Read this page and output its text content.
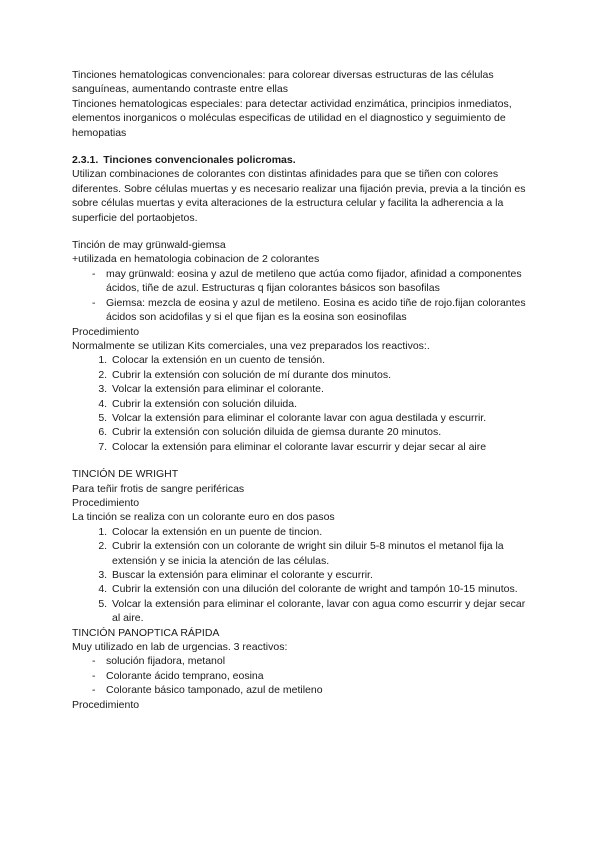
Tinciones hematologicas convencionales: para colorear diversas estructuras de las células sanguíneas, aumentando contraste entre ellas

Tinciones hematologicas especiales: para detectar actividad enzimática, principios inmediatos, elementos inorganicos o moléculas especificas de utilidad en el diagnostico y seguimiento de hemopatias

2.3.1. Tinciones convencionales policromas.

Utilizan combinaciones de colorantes con distintas afinidades para que se tiñen con colores diferentes. Sobre células muertas y es necesario realizar una fijación previa, previa a la tinción es sobre células muertas y evita alteraciones de la estructura celular y facilita la adherencia a la superficie del portaobjetos.

Tinción de may grünwald-giemsa

+utilizada en hematologia cobinacion de 2 colorantes

- may grünwald: eosina y azul de metileno que actúa como fijador, afinidad a componentes ácidos, tiñe de azul. Estructuras q fijan colorantes básicos son basofilas
- Giemsa: mezcla de eosina y azul de metileno. Eosina es acido tiñe de rojo.fijan colorantes ácidos son acidofilas y si el que fijan es la eosina son eosinofilas

Procedimiento

Normalmente se utilizan Kits comerciales, una vez preparados los reactivos:.

1. Colocar la extensión en un cuento de tensión.
2. Cubrir la extensión con solución de mí durante dos minutos.
3. Volcar la extensión para eliminar el colorante.
4. Cubrir la extensión con solución diluida.
5. Volcar la extensión para eliminar el colorante lavar con agua destilada y escurrir.
6. Cubrir la extensión con solución diluida de giemsa durante 20 minutos.
7. Colocar la extensión para eliminar el colorante lavar escurrir y dejar secar al aire

TINCIÓN DE WRIGHT

Para teñir frotis de sangre periféricas

Procedimiento

La tinción se realiza con un colorante euro en dos pasos

1. Colocar la extensión en un puente de tincion.
2. Cubrir la extensión con un colorante de wright sin diluir 5-8 minutos el metanol fija la extensión y se inicia la atención de las células.
3. Buscar la extensión para eliminar el colorante y escurrir.
4. Cubrir la extensión con una dilución del colorante de wright and tampón 10-15 minutos.
5. Volcar la extensión para eliminar el colorante, lavar con agua como escurrir y dejar secar al aire.

TINCIÓN PANOPTICA RÁPIDA

Muy utilizado en lab de urgencias. 3 reactivos:

- solución fijadora, metanol
- Colorante ácido temprano, eosina
- Colorante básico tamponado, azul de metileno

Procedimiento
